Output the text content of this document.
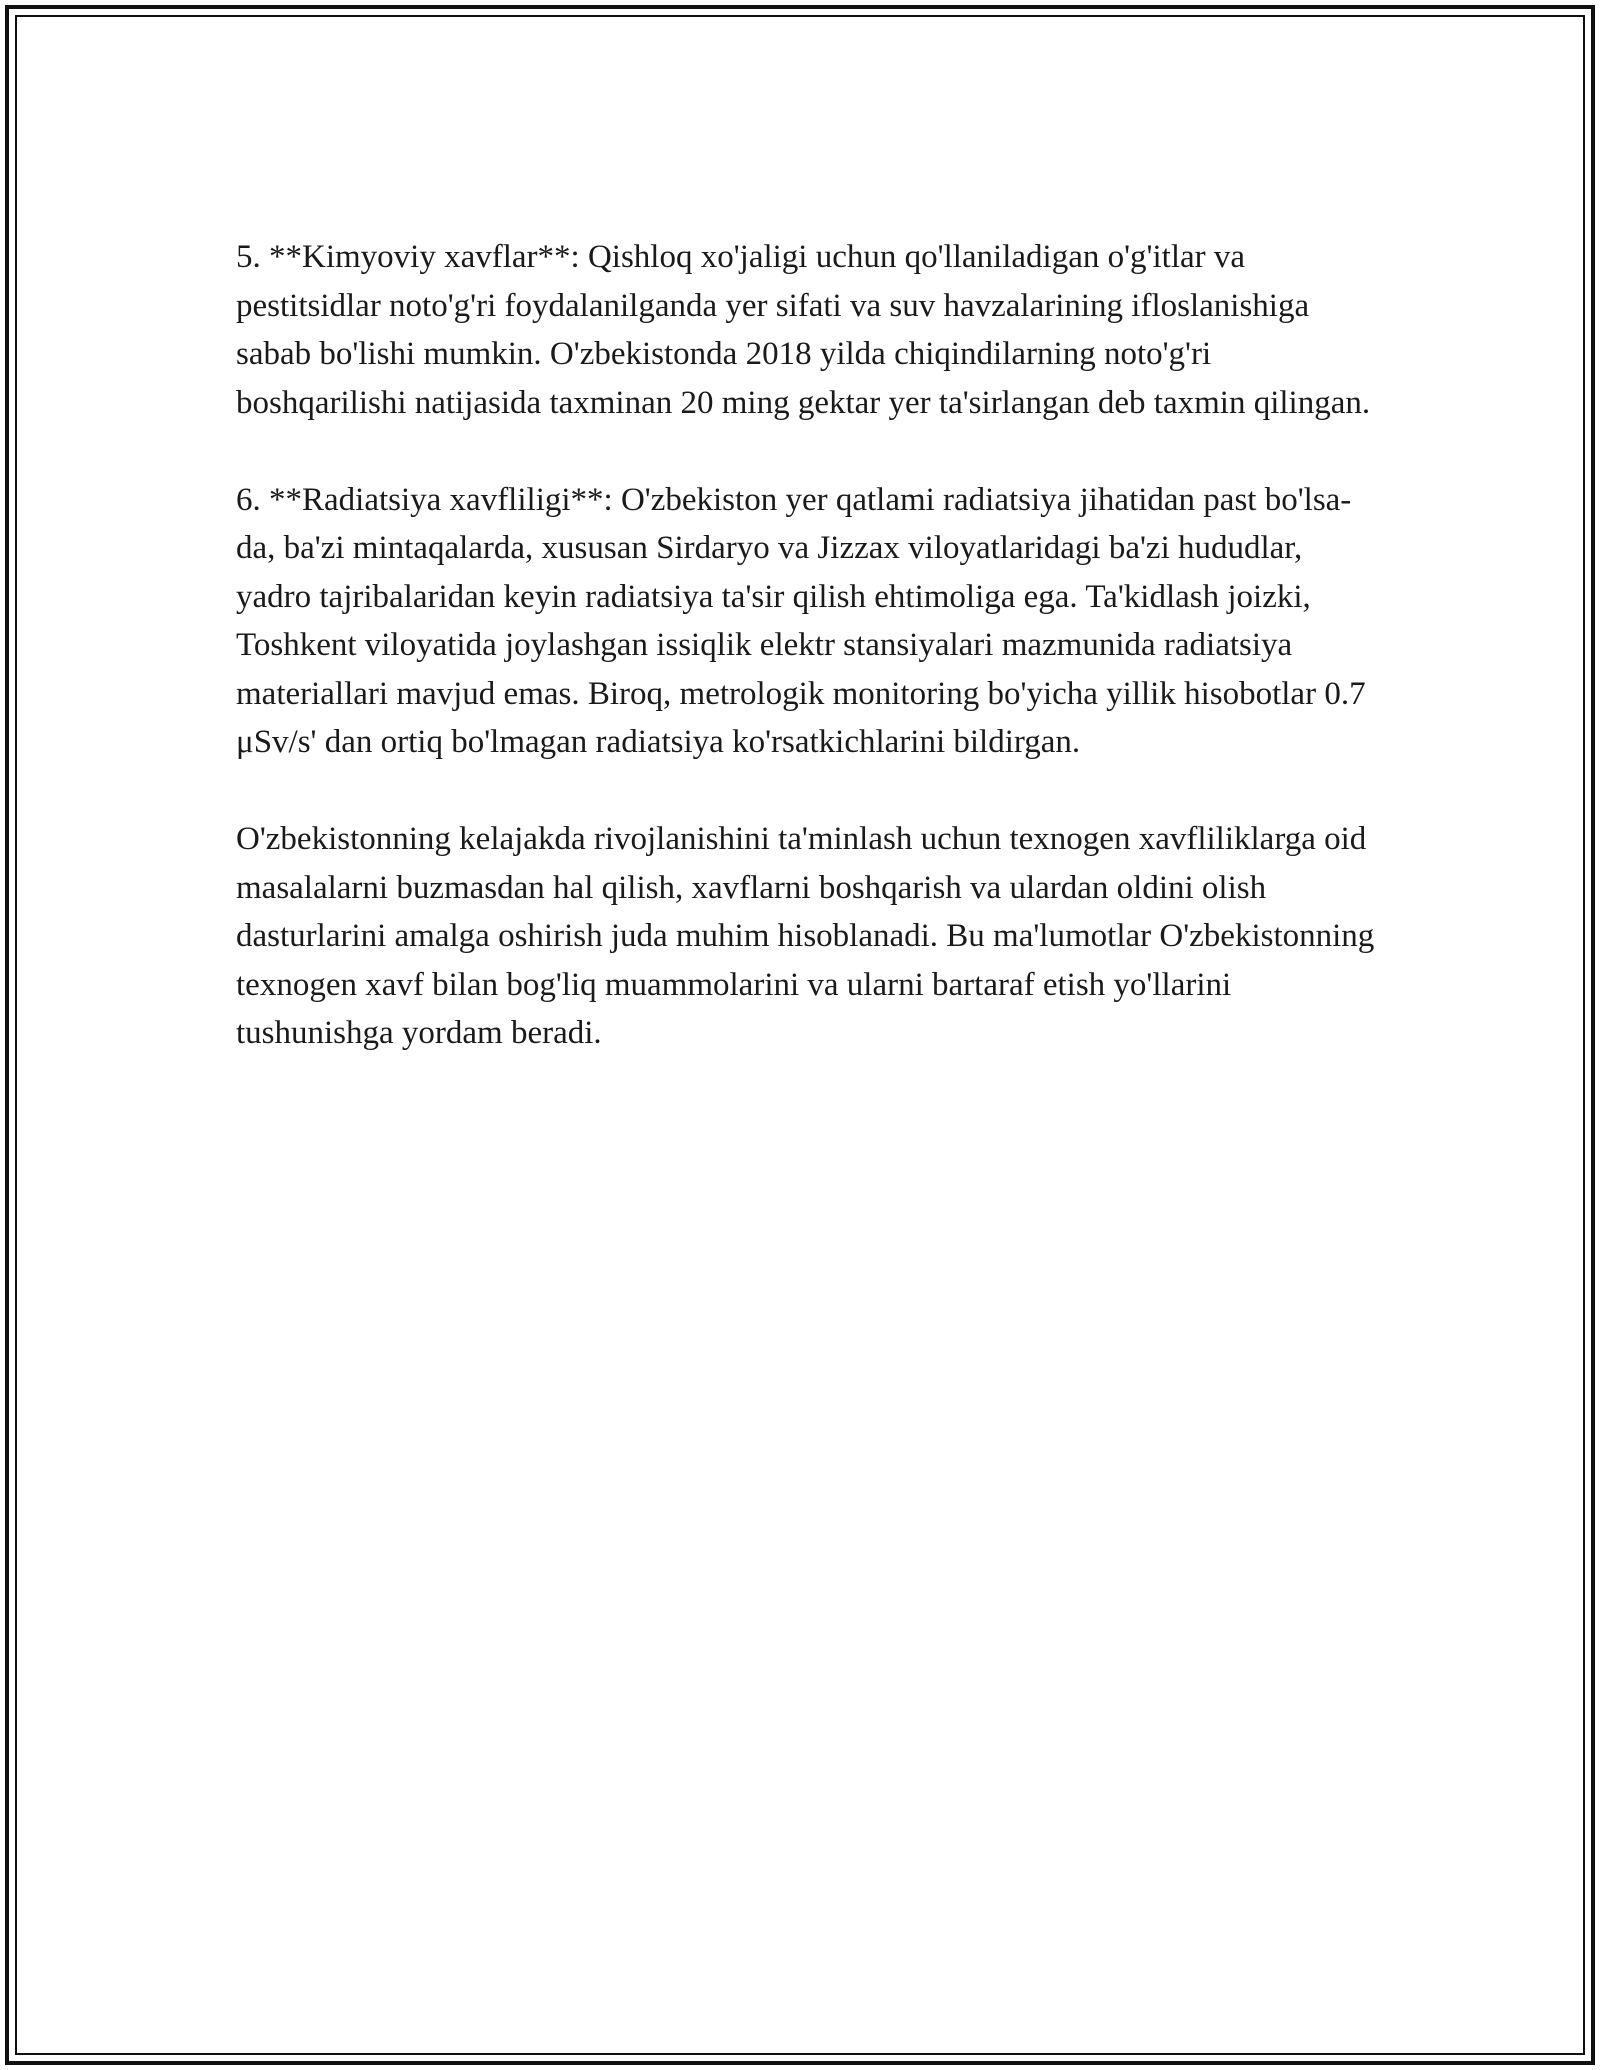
5. **Kimyoviy xavflar**: Qishloq xo'jaligi uchun qo'llaniladigan o'g'itlar va pestitsidlar noto'g'ri foydalanilganda yer sifati va suv havzalarining ifloslanishiga sabab bo'lishi mumkin. O'zbekistonda 2018 yilda chiqindilarning noto'g'ri boshqarilishi natijasida taxminan 20 ming gektar yer ta'sirlangan deb taxmin qilingan.

6. **Radiatsiya xavfliligi**: O'zbekiston yer qatlami radiatsiya jihatidan past bo'lsa-da, ba'zi mintaqalarda, xususan Sirdaryo va Jizzax viloyatlaridagi ba'zi hududlar, yadro tajribalaridan keyin radiatsiya ta'sir qilish ehtimoliga ega. Ta'kidlash joizki, Toshkent viloyatida joylashgan issiqlik elektr stansiyalari mazmunida radiatsiya materiallari mavjud emas. Biroq, metrologik monitoring bo'yicha yillik hisobotlar 0.7 μSv/s' dan ortiq bo'lmagan radiatsiya ko'rsatkichlarini bildirgan.

O'zbekistonning kelajakda rivojlanishini ta'minlash uchun texnogen xavfliliklarga oid masalalarni buzmasdan hal qilish, xavflarni boshqarish va ulardan oldini olish dasturlarini amalga oshirish juda muhim hisoblanadi. Bu ma'lumotlar O'zbekistonning texnogen xavf bilan bog'liq muammolarini va ularni bartaraf etish yo'llarini tushunishga yordam beradi.
